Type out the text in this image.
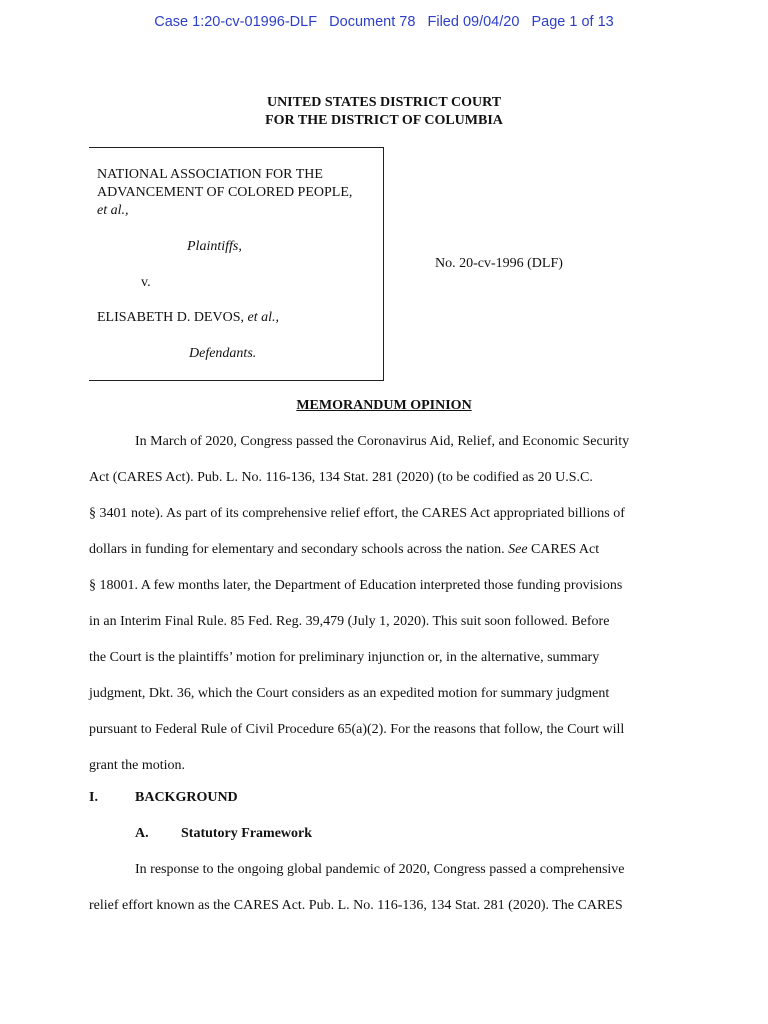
Case 1:20-cv-01996-DLF Document 78 Filed 09/04/20 Page 1 of 13
UNITED STATES DISTRICT COURT
FOR THE DISTRICT OF COLUMBIA
NATIONAL ASSOCIATION FOR THE
ADVANCEMENT OF COLORED PEOPLE,
et al.,
Plaintiffs,
v.
ELISABETH D. DEVOS, et al.,
Defendants.
No. 20-cv-1996 (DLF)
MEMORANDUM OPINION
In March of 2020, Congress passed the Coronavirus Aid, Relief, and Economic Security
Act (CARES Act). Pub. L. No. 116-136, 134 Stat. 281 (2020) (to be codified as 20 U.S.C.
§ 3401 note). As part of its comprehensive relief effort, the CARES Act appropriated billions of
dollars in funding for elementary and secondary schools across the nation. See CARES Act
§ 18001. A few months later, the Department of Education interpreted those funding provisions
in an Interim Final Rule. 85 Fed. Reg. 39,479 (July 1, 2020). This suit soon followed. Before
the Court is the plaintiffs’ motion for preliminary injunction or, in the alternative, summary
judgment, Dkt. 36, which the Court considers as an expedited motion for summary judgment
pursuant to Federal Rule of Civil Procedure 65(a)(2). For the reasons that follow, the Court will
grant the motion.
I.	BACKGROUND
A. Statutory Framework
In response to the ongoing global pandemic of 2020, Congress passed a comprehensive
relief effort known as the CARES Act. Pub. L. No. 116-136, 134 Stat. 281 (2020). The CARES
